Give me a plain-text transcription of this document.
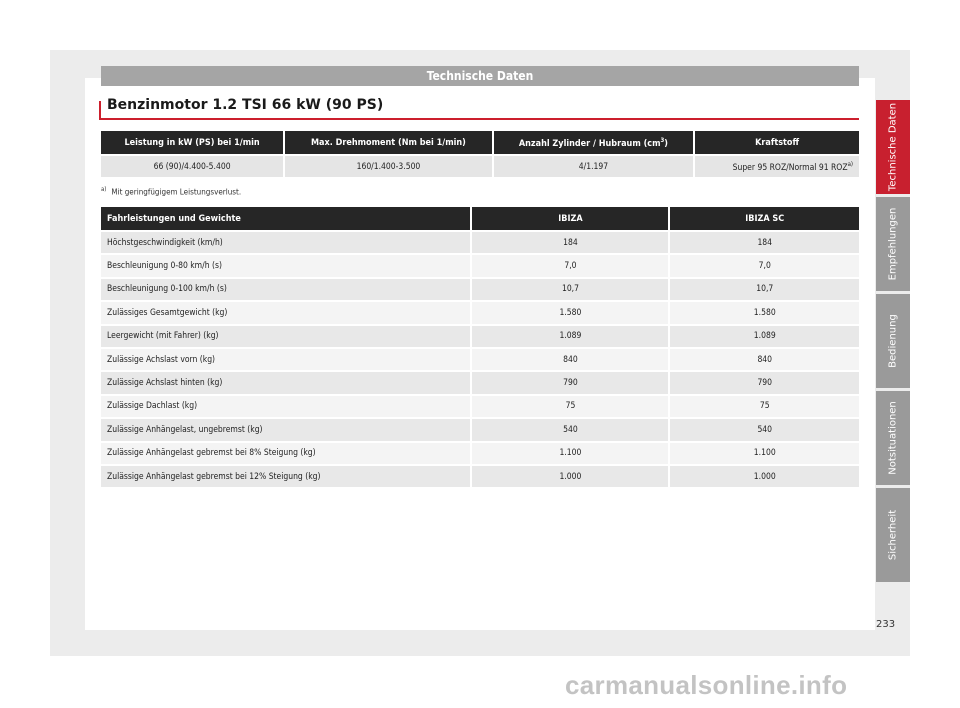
Technische Daten
Benzinmotor 1.2 TSI 66 kW (90 PS)
Leistung in kW (PS) bei 1/min	Max. Drehmoment (Nm bei 1/min)	Anzahl Zylinder / Hubraum $(cm^3)$	Kraftstoff
66 (90)/4.400-5.400	160/1.400-3.500	4/1.197	Super 95 ROZ/Normal 91 ROZ$^{a)}$
$^{a)}$ Mit geringfügigem Leistungsverlust.
Fahrleistungen und Gewichte	IBIZA	IBIZA SC
Höchstgeschwindigkeit (km/h)	184	184
Beschleunigung 0-80 km/h (s)	7,0	7,0
Beschleunigung 0-100 km/h (s)	10,7	10,7
Zulässiges Gesamtgewicht (kg)	1.580	1.580
Leergewicht (mit Fahrer) (kg)	1.089	1.089
Zulässige Achslast vorn (kg)	840	840
Zulässige Achslast hinten (kg)	790	790
Zulässige Dachlast (kg)	75	75
Zulässige Anhängelast, ungebremst (kg)	540	540
Zulässige Anhängelast gebremst bei 8% Steigung (kg)	1.100	1.100
Zulässige Anhängelast gebremst bei 12% Steigung (kg)	1.000	1.000
Technische Daten
Empfehlungen
Bedienung
Notsituationen
Sicherheit
233
carmanualsonline.info
